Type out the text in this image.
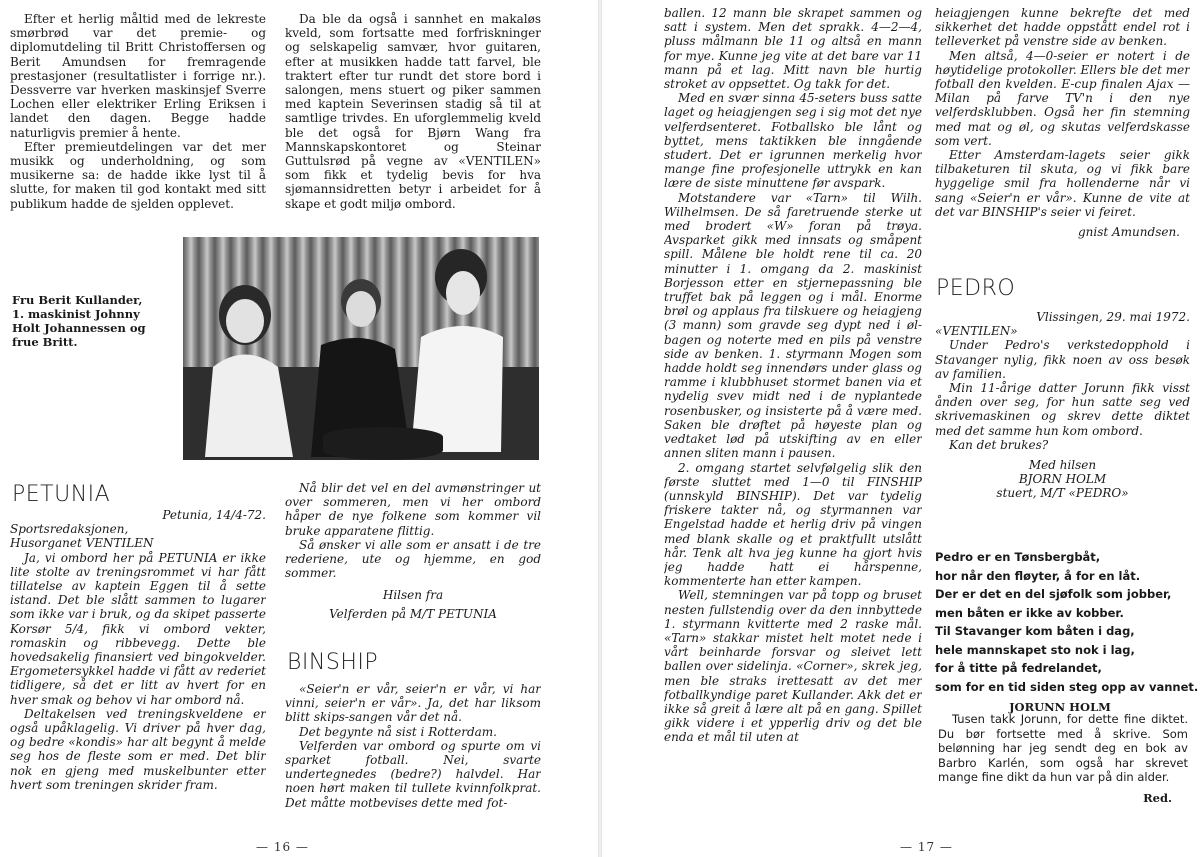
Efter et herlig måltid med de lekreste smørbrød var det premie- og diplomutdeling til Britt Christoffersen og Berit Amundsen for fremragende prestasjoner (resultatlister i forrige nr.). Dessverre var hverken maskinsjef Sverre Lochen eller elektriker Erling Eriksen i landet den dagen. Begge hadde naturligvis premier å hente.

Efter premieutdelingen var det mer musikk og underholdning, og som musikerne sa: de hadde ikke lyst til å slutte, for maken til god kontakt med sitt publikum hadde de sjelden opplevet.

Da ble da også i sannhet en makaløs kveld, som fortsatte med forfriskninger og selskapelig samvær, hvor guitaren, efter at musikken hadde tatt farvel, ble traktert efter tur rundt det store bord i salongen, mens stuert og piker sammen med kaptein Severinsen stadig så til at samtlige trivdes. En uforglemmelig kveld ble det også for Bjørn Wang fra Mannskapskontoret og Steinar Guttulsrød på vegne av «VENTILEN» som fikk et tydelig bevis for hva sjømannsidretten betyr i arbeidet for å skape et godt miljø ombord.

Fru Berit Kullander,
1. maskinist Johnny
Holt Johannessen og
frue Britt.
PETUNIA
Petunia, 14/4-72.
Sportsredaksjonen,
Husorganet VENTILEN

Ja, vi ombord her på PETUNIA er ikke lite stolte av treningsrommet vi har fått tillatelse av kaptein Eggen til å sette istand. Det ble slått sammen to lugarer som ikke var i bruk, og da skipet passerte Korsør 5/4, fikk vi ombord vekter, romaskin og ribbevegg. Dette ble hovedsakelig finansiert ved bingokvelder. Ergometersykkel hadde vi fått av rederiet tidligere, så det er litt av hvert for en hver smak og behov vi har ombord nå.

Deltakelsen ved treningskveldene er også upåklagelig. Vi driver på hver dag, og bedre «kondis» har alt begynt å melde seg hos de fleste som er med. Det blir nok en gjeng med muskelbunter etter hvert som treningen skrider fram.

Nå blir det vel en del avmønstringer ut over sommeren, men vi her ombord håper de nye folkene som kommer vil bruke apparatene flittig.

Så ønsker vi alle som er ansatt i de tre rederiene, ute og hjemme, en god sommer.

Hilsen fra
Velferden på M/T PETUNIA
BINSHIP

«Seier'n er vår, seier'n er vår, vi har vinni, seier'n er vår». Ja, det har liksom blitt skips-sangen vår det nå.

Det begynte nå sist i Rotterdam.

Velferden var ombord og spurte om vi sparket fotball. Nei, svarte undertegnedes (bedre?) halvdel. Har noen hørt maken til tullete kvinnfolkprat. Det måtte motbevises dette med fot-

— 16 —

ballen. 12 mann ble skrapet sammen og satt i system. Men det sprakk. 4—2—4, pluss målmann ble 11 og altså en mann for mye. Kunne jeg vite at det bare var 11 mann på et lag. Mitt navn ble hurtig stroket av oppsettet. Og takk for det.

Med en svær sinna 45-seters buss satte laget og heiagjengen seg i sig mot det nye velferdsenteret. Fotballsko ble lånt og byttet, mens taktikken ble inngående studert. Det er igrunnen merkelig hvor mange fine profesjonelle uttrykk en kan lære de siste minuttene før avspark.

Motstandere var «Tarn» til Wilh. Wilhelmsen. De så faretruende sterke ut med brodert «W» foran på trøya. Avsparket gikk med innsats og småpent spill. Målene ble holdt rene til ca. 20 minutter i 1. omgang da 2. maskinist Borjesson etter en stjernepassning ble truffet bak på leggen og i mål. Enorme brøl og applaus fra tilskuere og heiagjeng (3 mann) som gravde seg dypt ned i øl-bagen og noterte med en pils på venstre side av benken. 1. styrmann Mogen som hadde holdt seg innendørs under glass og ramme i klubbhuset stormet banen via et nydelig svev midt ned i de nyplantede rosenbusker, og insisterte på å være med. Saken ble drøftet på høyeste plan og vedtaket lød på utskifting av en eller annen sliten mann i pausen.

2. omgang startet selvfølgelig slik den første sluttet med 1—0 til FINSHIP (unnskyld BINSHIP). Det var tydelig friskere takter nå, og styrmannen var Engelstad hadde et herlig driv på vingen med blank skalle og et praktfullt utslått hår. Tenk alt hva jeg kunne ha gjort hvis jeg hadde hatt ei hårspenne, kommenterte han etter kampen.

Well, stemningen var på topp og bruset nesten fullstendig over da den innbyttede 1. styrmann kvitterte med 2 raske mål. «Tarn» stakkar mistet helt motet nede i vårt beinharde forsvar og sleivet lett ballen over sidelinja. «Corner», skrek jeg, men ble straks irettesatt av det mer fotballkyndige paret Kullander. Akk det er ikke så greit å lære alt på en gang. Spillet gikk videre i et ypperlig driv og det ble enda et mål til uten at

heiagjengen kunne bekrefte det med sikkerhet det hadde oppstått endel rot i telleverket på venstre side av benken.

Men altså, 4—0-seier er notert i de høytidelige protokoller. Ellers ble det mer fotball den kvelden. E-cup finalen Ajax — Milan på farve TV'n i den nye velferdsklubben. Også her fin stemning med mat og øl, og skutas velferdskasse som vert.

Etter Amsterdam-lagets seier gikk tilbaketuren til skuta, og vi fikk bare hyggelige smil fra hollenderne når vi sang «Seier'n er vår». Kunne de vite at det var BINSHIP's seier vi feiret.

gnist Amundsen.
PEDRO
Vlissingen, 29. mai 1972.
«VENTILEN»

Under Pedro's verkstedopphold i Stavanger nylig, fikk noen av oss besøk av familien.

Min 11-årige datter Jorunn fikk visst ånden over seg, for hun satte seg ved skrivemaskinen og skrev dette diktet med det samme hun kom ombord.

Kan det brukes?

Med hilsen
BJORN HOLM
stuert, M/T «PEDRO»
Pedro er en Tønsbergbåt,
hor når den fløyter, å for en låt.
Der er det en del sjøfolk som jobber,
men båten er ikke av kobber.
Til Stavanger kom båten i dag,
hele mannskapet sto nok i lag,
for å titte på fedrelandet,
som for en tid siden steg opp av vannet.
JORUNN HOLM

Tusen takk Jorunn, for dette fine diktet. Du bør fortsette med å skrive. Som belønning har jeg sendt deg en bok av Barbro Karlén, som også har skrevet mange fine dikt da hun var på din alder.

Red.
— 17 —
